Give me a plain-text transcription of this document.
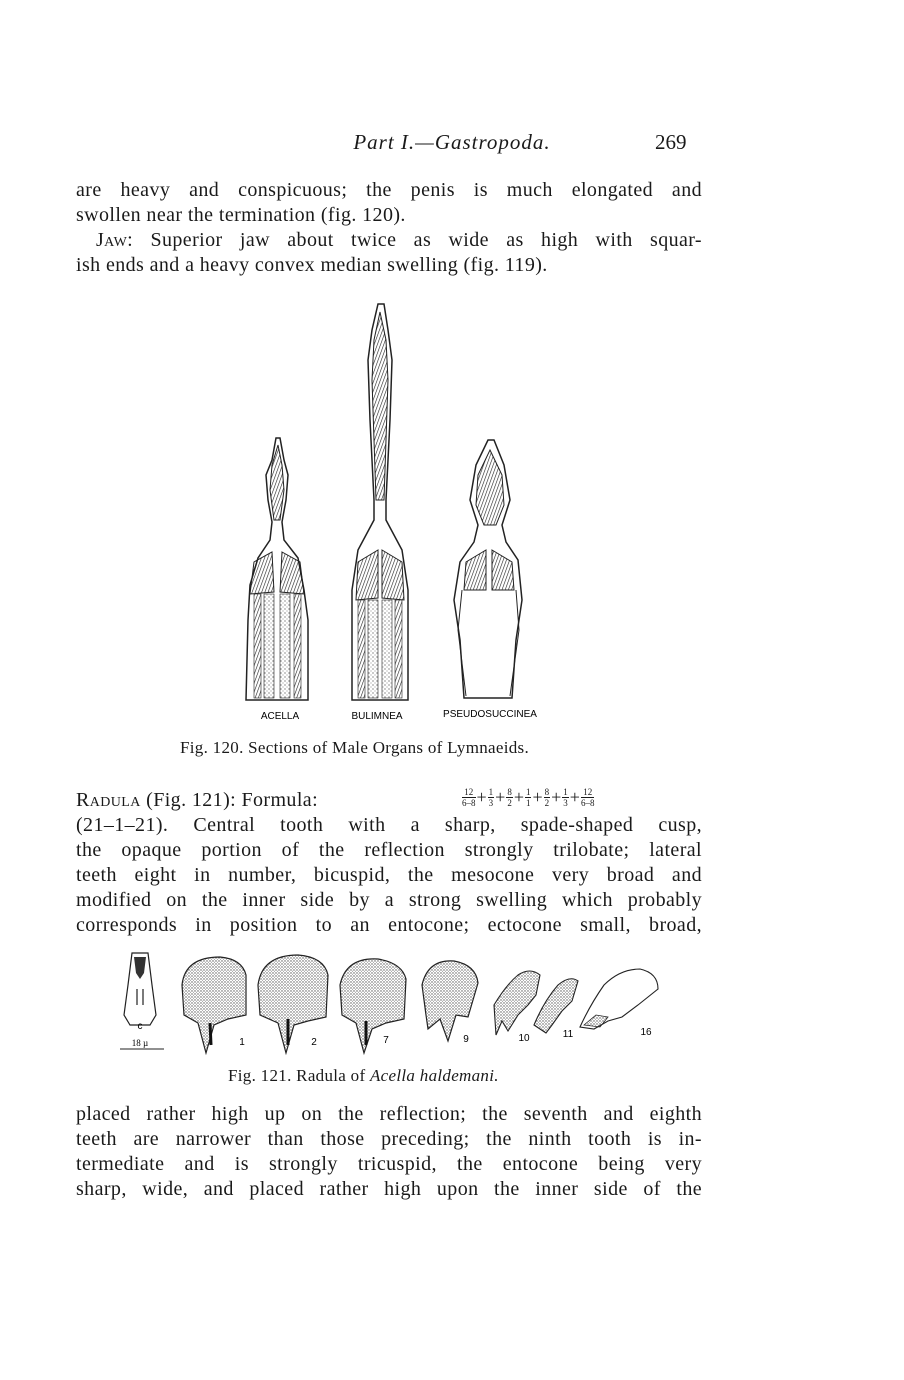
Part I.—Gastropoda.	269
are heavy and conspicuous; the penis is much elongated and
swollen near the termination (fig. 120).
Jaw: Superior jaw about twice as wide as high with squar-
ish ends and a heavy convex median swelling (fig. 119).
ACELLA	BULIMNEA	PSEUDOSUCCINEA
Fig. 120. Sections of Male Organs of Lymnaeids.
Radula (Fig. 121): Formula:	$\frac{12}{6-8}+ \frac{1}{3}+ \frac{8}{2}+ \frac{1}{1}+ \frac{8}{2}+ \frac{1}{3}+ \frac{12}{6-8}$
(21–1–21). Central tooth with a sharp, spade-shaped cusp,
the opaque portion of the reflection strongly trilobate; lateral
teeth eight in number, bicuspid, the mesocone very broad and
modified on the inner side by a strong swelling which probably
corresponds in position to an entocone; ectocone small, broad,
c
1	2	7	9	10	11	16
18 µ
Fig. 121. Radula of Acella haldemani.
placed rather high up on the reflection; the seventh and eighth
teeth are narrower than those preceding; the ninth tooth is in-
termediate and is strongly tricuspid, the entocone being very
sharp, wide, and placed rather high upon the inner side of the
